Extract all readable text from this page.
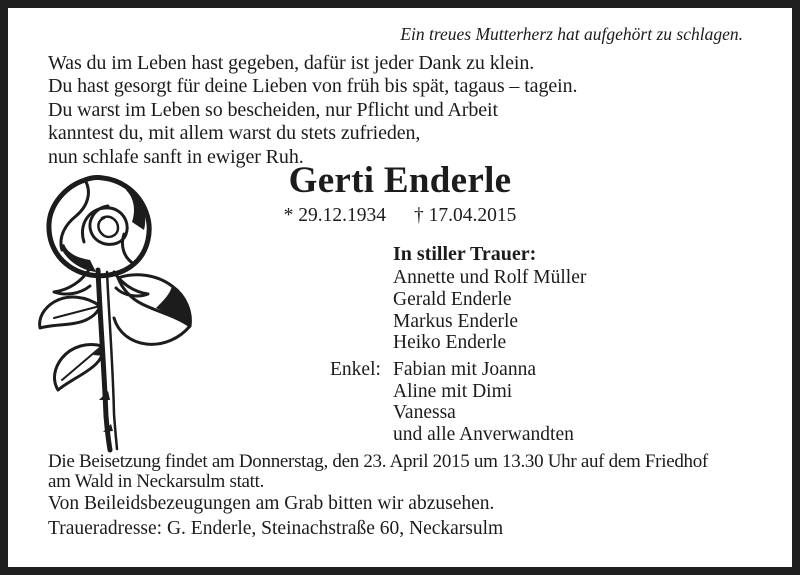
Ein treues Mutterherz hat aufgehört zu schlagen.
Was du im Leben hast gegeben, dafür ist jeder Dank zu klein.
Du hast gesorgt für deine Lieben von früh bis spät, tagaus – tagein.
Du warst im Leben so bescheiden, nur Pflicht und Arbeit
kanntest du, mit allem warst du stets zufrieden,
nun schlafe sanft in ewiger Ruh.
Gerti Enderle
* 29.12.1934 † 17.04.2015
In stiller Trauer:
Annette und Rolf Müller
Gerald Enderle
Markus Enderle
Heiko Enderle
Enkel: Fabian mit Joanna
Aline mit Dimi
Vanessa
und alle Anverwandten
Die Beisetzung findet am Donnerstag, den 23. April 2015 um 13.30 Uhr auf dem Friedhof
am Wald in Neckarsulm statt.
Von Beileidsbezeugungen am Grab bitten wir abzusehen.
Traueradresse: G. Enderle, Steinachstraße 60, Neckarsulm
